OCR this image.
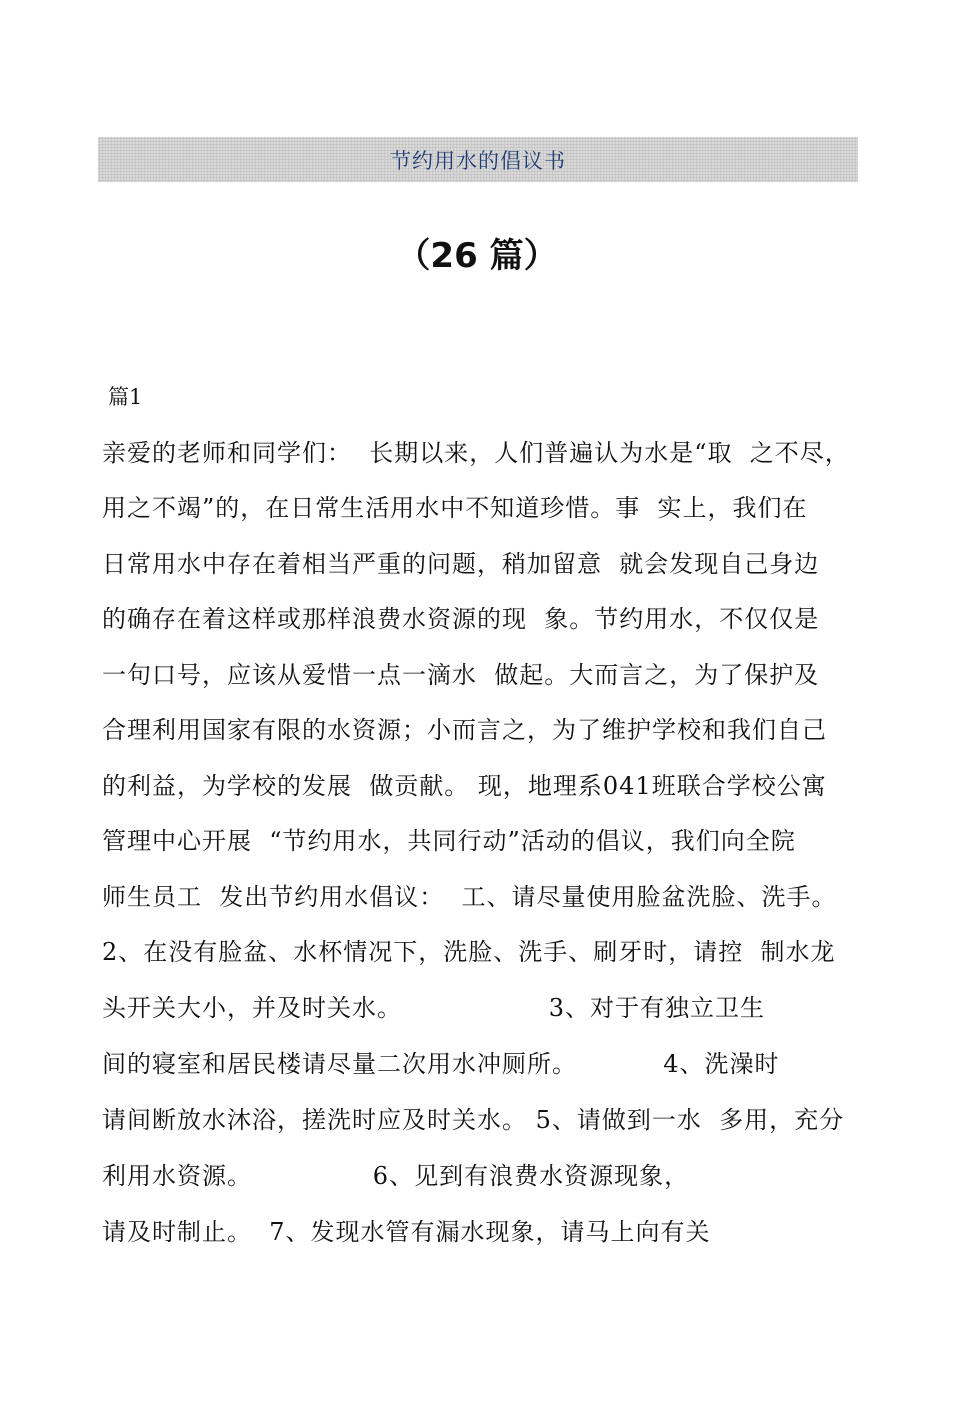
节约用水的倡议书
（26 篇）
篇1
亲爱的老师和同学们：  长期以来，人们普遍认为水是“取  之不尽，
用之不竭”的，在日常生活用水中不知道珍惜。事  实上，我们在
日常用水中存在着相当严重的问题，稍加留意  就会发现自己身边
的确存在着这样或那样浪费水资源的现  象。节约用水，不仅仅是
一句口号，应该从爱惜一点一滴水  做起。大而言之，为了保护及
合理利用国家有限的水资源；小而言之，为了维护学校和我们自己
的利益，为学校的发展  做贡献。 现，地理系041班联合学校公寓
管理中心开展  “节约用水，共同行动”活动的倡议，我们向全院
师生员工  发出节约用水倡议：  工、请尽量使用脸盆洗脸、洗手。
2、在没有脸盆、水杯情况下，洗脸、洗手、刷牙时，请控  制水龙
头开关大小，并及时关水。                 3、对于有独立卫生
间的寝室和居民楼请尽量二次用水冲厕所。          4、洗澡时
请间断放水沐浴，搓洗时应及时关水。 5、请做到一水  多用，充分
利用水资源。              6、见到有浪费水资源现象，
请及时制止。  7、发现水管有漏水现象，请马上向有关
